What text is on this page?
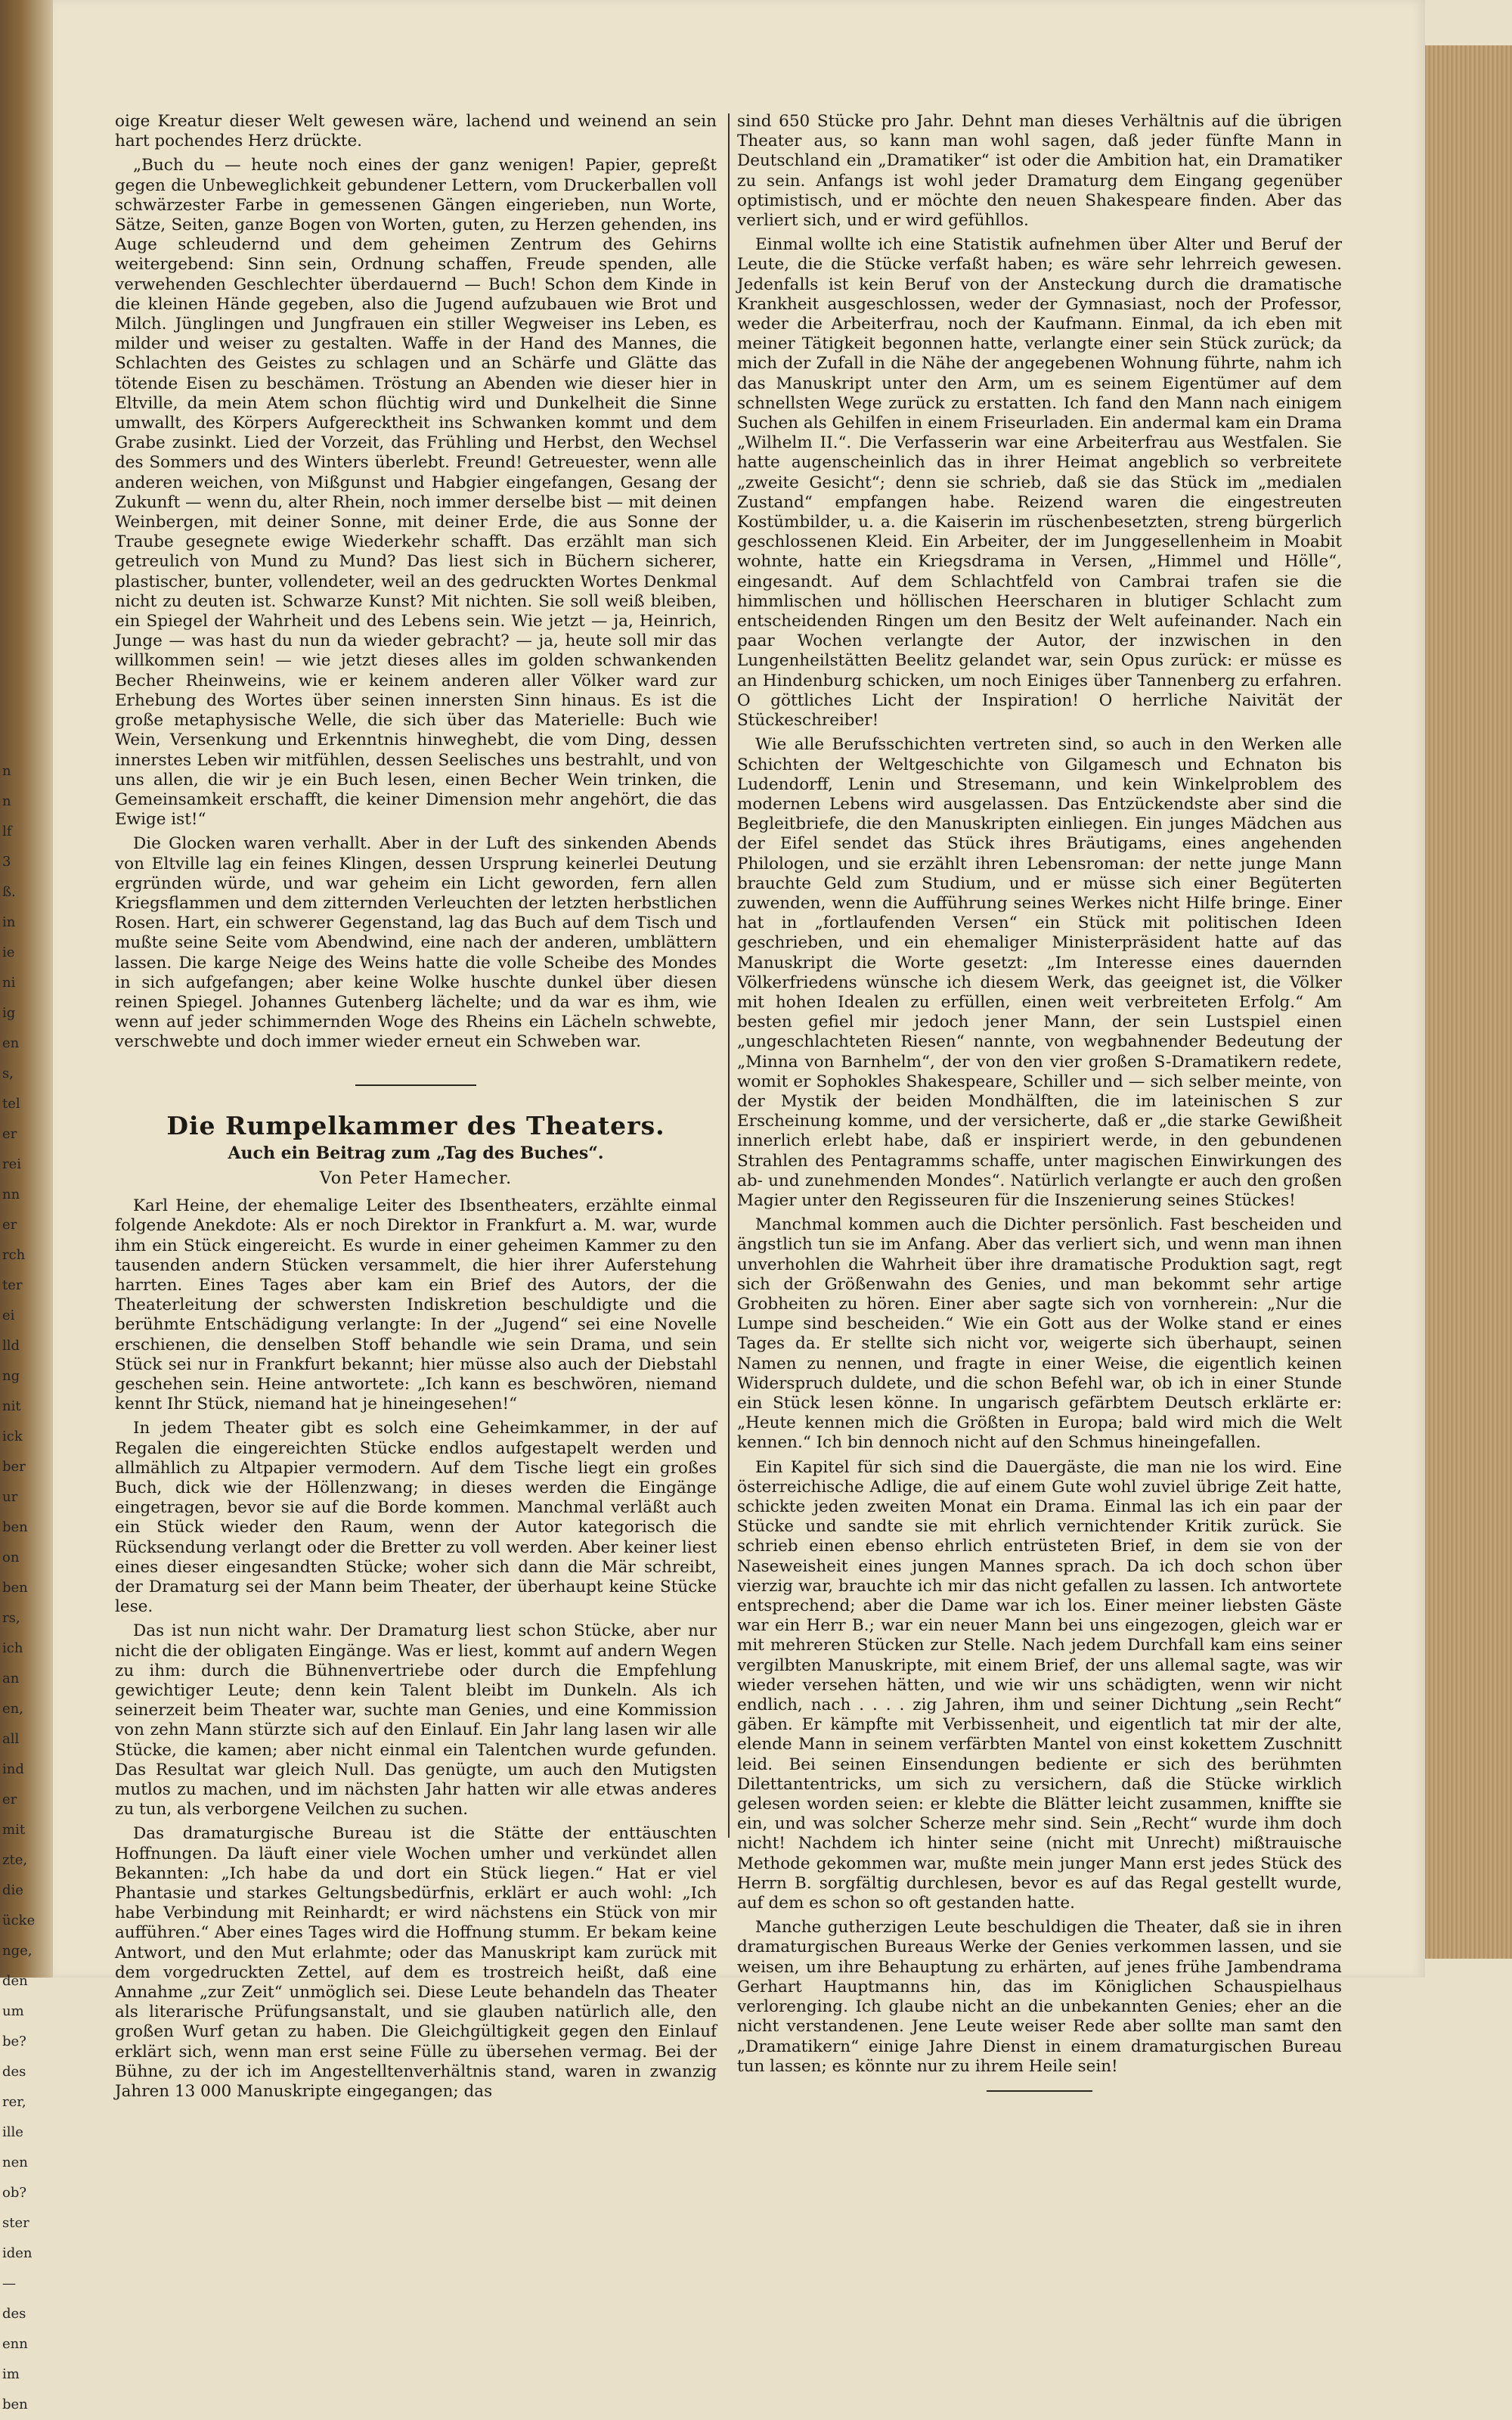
n
n
lf
3
ß.
in
ie
ni
ig
en
s,
tel
er
rei
nn
er
rch
ter
ei
lld
ng
nit
ick
ber
ur
ben
on
ben
rs,
ich
an
en,
all
ind
er
mit
zte,
die
ücke
nge,
den
um
be?
des
rer,
ille
nen
ob?
ster
iden
—
des
enn
im
ben

oige Kreatur dieser Welt gewesen wäre, lachend und weinend an sein hart pochendes Herz drückte.

„Buch du — heute noch eines der ganz wenigen! Papier, gepreßt gegen die Unbeweglichkeit gebundener Lettern, vom Druckerballen voll schwärzester Farbe in gemessenen Gängen eingerieben, nun Worte, Sätze, Seiten, ganze Bogen von Worten, guten, zu Herzen gehenden, ins Auge schleudernd und dem geheimen Zentrum des Gehirns weitergebend: Sinn sein, Ordnung schaffen, Freude spenden, alle verwehenden Geschlechter überdauernd — Buch! Schon dem Kinde in die kleinen Hände gegeben, also die Jugend aufzubauen wie Brot und Milch. Jünglingen und Jungfrauen ein stiller Wegweiser ins Leben, es milder und weiser zu gestalten. Waffe in der Hand des Mannes, die Schlachten des Geistes zu schlagen und an Schärfe und Glätte das tötende Eisen zu beschämen. Tröstung an Abenden wie dieser hier in Eltville, da mein Atem schon flüchtig wird und Dunkelheit die Sinne umwallt, des Körpers Aufgerecktheit ins Schwanken kommt und dem Grabe zusinkt. Lied der Vorzeit, das Frühling und Herbst, den Wechsel des Sommers und des Winters überlebt. Freund! Getreuester, wenn alle anderen weichen, von Mißgunst und Habgier eingefangen, Gesang der Zukunft — wenn du, alter Rhein, noch immer derselbe bist — mit deinen Weinbergen, mit deiner Sonne, mit deiner Erde, die aus Sonne der Traube gesegnete ewige Wiederkehr schafft. Das erzählt man sich getreulich von Mund zu Mund? Das liest sich in Büchern sicherer, plastischer, bunter, vollendeter, weil an des gedruckten Wortes Denkmal nicht zu deuten ist. Schwarze Kunst? Mit nichten. Sie soll weiß bleiben, ein Spiegel der Wahrheit und des Lebens sein. Wie jetzt — ja, Heinrich, Junge — was hast du nun da wieder gebracht? — ja, heute soll mir das willkommen sein! — wie jetzt dieses alles im golden schwankenden Becher Rheinweins, wie er keinem anderen aller Völker ward zur Erhebung des Wortes über seinen innersten Sinn hinaus. Es ist die große metaphysische Welle, die sich über das Materielle: Buch wie Wein, Versenkung und Erkenntnis hinweghebt, die vom Ding, dessen innerstes Leben wir mitfühlen, dessen Seelisches uns bestrahlt, und von uns allen, die wir je ein Buch lesen, einen Becher Wein trinken, die Gemeinsamkeit erschafft, die keiner Dimension mehr angehört, die das Ewige ist!“

Die Glocken waren verhallt. Aber in der Luft des sinkenden Abends von Eltville lag ein feines Klingen, dessen Ursprung keinerlei Deutung ergründen würde, und war geheim ein Licht geworden, fern allen Kriegsflammen und dem zitternden Verleuchten der letzten herbstlichen Rosen. Hart, ein schwerer Gegenstand, lag das Buch auf dem Tisch und mußte seine Seite vom Abendwind, eine nach der anderen, umblättern lassen. Die karge Neige des Weins hatte die volle Scheibe des Mondes in sich aufgefangen; aber keine Wolke huschte dunkel über diesen reinen Spiegel. Johannes Gutenberg lächelte; und da war es ihm, wie wenn auf jeder schimmernden Woge des Rheins ein Lächeln schwebte, verschwebte und doch immer wieder erneut ein Schweben war.

Die Rumpelkammer des Theaters.
Auch ein Beitrag zum „Tag des Buches“.
Von Peter Hamecher.

Karl Heine, der ehemalige Leiter des Ibsentheaters, erzählte einmal folgende Anekdote: Als er noch Direktor in Frankfurt a. M. war, wurde ihm ein Stück eingereicht. Es wurde in einer geheimen Kammer zu den tausenden andern Stücken versammelt, die hier ihrer Auferstehung harrten. Eines Tages aber kam ein Brief des Autors, der die Theaterleitung der schwersten Indiskretion beschuldigte und die berühmte Entschädigung verlangte: In der „Jugend“ sei eine Novelle erschienen, die denselben Stoff behandle wie sein Drama, und sein Stück sei nur in Frankfurt bekannt; hier müsse also auch der Diebstahl geschehen sein. Heine antwortete: „Ich kann es beschwören, niemand kennt Ihr Stück, niemand hat je hineingesehen!“

In jedem Theater gibt es solch eine Geheimkammer, in der auf Regalen die eingereichten Stücke endlos aufgestapelt werden und allmählich zu Altpapier vermodern. Auf dem Tische liegt ein großes Buch, dick wie der Höllenzwang; in dieses werden die Eingänge eingetragen, bevor sie auf die Borde kommen. Manchmal verläßt auch ein Stück wieder den Raum, wenn der Autor kategorisch die Rücksendung verlangt oder die Bretter zu voll werden. Aber keiner liest eines dieser eingesandten Stücke; woher sich dann die Mär schreibt, der Dramaturg sei der Mann beim Theater, der überhaupt keine Stücke lese.

Das ist nun nicht wahr. Der Dramaturg liest schon Stücke, aber nur nicht die der obligaten Eingänge. Was er liest, kommt auf andern Wegen zu ihm: durch die Bühnenvertriebe oder durch die Empfehlung gewichtiger Leute; denn kein Talent bleibt im Dunkeln. Als ich seinerzeit beim Theater war, suchte man Genies, und eine Kommission von zehn Mann stürzte sich auf den Einlauf. Ein Jahr lang lasen wir alle Stücke, die kamen; aber nicht einmal ein Talentchen wurde gefunden. Das Resultat war gleich Null. Das genügte, um auch den Mutigsten mutlos zu machen, und im nächsten Jahr hatten wir alle etwas anderes zu tun, als verborgene Veilchen zu suchen.

Das dramaturgische Bureau ist die Stätte der enttäuschten Hoffnungen. Da läuft einer viele Wochen umher und verkündet allen Bekannten: „Ich habe da und dort ein Stück liegen.“ Hat er viel Phantasie und starkes Geltungsbedürfnis, erklärt er auch wohl: „Ich habe Verbindung mit Reinhardt; er wird nächstens ein Stück von mir aufführen.“ Aber eines Tages wird die Hoffnung stumm. Er bekam keine Antwort, und den Mut erlahmte; oder das Manuskript kam zurück mit dem vorgedruckten Zettel, auf dem es trostreich heißt, daß eine Annahme „zur Zeit“ unmöglich sei. Diese Leute behandeln das Theater als literarische Prüfungsanstalt, und sie glauben natürlich alle, den großen Wurf getan zu haben. Die Gleichgültigkeit gegen den Einlauf erklärt sich, wenn man erst seine Fülle zu übersehen vermag. Bei der Bühne, zu der ich im Angestelltenverhältnis stand, waren in zwanzig Jahren 13 000 Manuskripte eingegangen; das

sind 650 Stücke pro Jahr. Dehnt man dieses Verhältnis auf die übrigen Theater aus, so kann man wohl sagen, daß jeder fünfte Mann in Deutschland ein „Dramatiker“ ist oder die Ambition hat, ein Dramatiker zu sein. Anfangs ist wohl jeder Dramaturg dem Eingang gegenüber optimistisch, und er möchte den neuen Shakespeare finden. Aber das verliert sich, und er wird gefühllos.

Einmal wollte ich eine Statistik aufnehmen über Alter und Beruf der Leute, die die Stücke verfaßt haben; es wäre sehr lehrreich gewesen. Jedenfalls ist kein Beruf von der Ansteckung durch die dramatische Krankheit ausgeschlossen, weder der Gymnasiast, noch der Professor, weder die Arbeiterfrau, noch der Kaufmann. Einmal, da ich eben mit meiner Tätigkeit begonnen hatte, verlangte einer sein Stück zurück; da mich der Zufall in die Nähe der angegebenen Wohnung führte, nahm ich das Manuskript unter den Arm, um es seinem Eigentümer auf dem schnellsten Wege zurück zu erstatten. Ich fand den Mann nach einigem Suchen als Gehilfen in einem Friseurladen. Ein andermal kam ein Drama „Wilhelm II.“. Die Verfasserin war eine Arbeiterfrau aus Westfalen. Sie hatte augenscheinlich das in ihrer Heimat angeblich so verbreitete „zweite Gesicht“; denn sie schrieb, daß sie das Stück im „medialen Zustand“ empfangen habe. Reizend waren die eingestreuten Kostümbilder, u. a. die Kaiserin im rüschenbesetzten, streng bürgerlich geschlossenen Kleid. Ein Arbeiter, der im Junggesellenheim in Moabit wohnte, hatte ein Kriegsdrama in Versen, „Himmel und Hölle“, eingesandt. Auf dem Schlachtfeld von Cambrai trafen sie die himmlischen und höllischen Heerscharen in blutiger Schlacht zum entscheidenden Ringen um den Besitz der Welt aufeinander. Nach ein paar Wochen verlangte der Autor, der inzwischen in den Lungenheilstätten Beelitz gelandet war, sein Opus zurück: er müsse es an Hindenburg schicken, um noch Einiges über Tannenberg zu erfahren. O göttliches Licht der Inspiration! O herrliche Naivität der Stückeschreiber!

Wie alle Berufsschichten vertreten sind, so auch in den Werken alle Schichten der Weltgeschichte von Gilgamesch und Echnaton bis Ludendorff, Lenin und Stresemann, und kein Winkelproblem des modernen Lebens wird ausgelassen. Das Entzückendste aber sind die Begleitbriefe, die den Manuskripten einliegen. Ein junges Mädchen aus der Eifel sendet das Stück ihres Bräutigams, eines angehenden Philologen, und sie erzählt ihren Lebensroman: der nette junge Mann brauchte Geld zum Studium, und er müsse sich einer Begüterten zuwenden, wenn die Aufführung seines Werkes nicht Hilfe bringe. Einer hat in „fortlaufenden Versen“ ein Stück mit politischen Ideen geschrieben, und ein ehemaliger Ministerpräsident hatte auf das Manuskript die Worte gesetzt: „Im Interesse eines dauernden Völkerfriedens wünsche ich diesem Werk, das geeignet ist, die Völker mit hohen Idealen zu erfüllen, einen weit verbreiteten Erfolg.“ Am besten gefiel mir jedoch jener Mann, der sein Lustspiel einen „ungeschlachteten Riesen“ nannte, von wegbahnender Bedeutung der „Minna von Barnhelm“, der von den vier großen S-Dramatikern redete, womit er Sophokles Shakespeare, Schiller und — sich selber meinte, von der Mystik der beiden Mondhälften, die im lateinischen S zur Erscheinung komme, und der versicherte, daß er „die starke Gewißheit innerlich erlebt habe, daß er inspiriert werde, in den gebundenen Strahlen des Pentagramms schaffe, unter magischen Einwirkungen des ab- und zunehmenden Mondes“. Natürlich verlangte er auch den großen Magier unter den Regisseuren für die Inszenierung seines Stückes!

Manchmal kommen auch die Dichter persönlich. Fast bescheiden und ängstlich tun sie im Anfang. Aber das verliert sich, und wenn man ihnen unverhohlen die Wahrheit über ihre dramatische Produktion sagt, regt sich der Größenwahn des Genies, und man bekommt sehr artige Grobheiten zu hören. Einer aber sagte sich von vornherein: „Nur die Lumpe sind bescheiden.“ Wie ein Gott aus der Wolke stand er eines Tages da. Er stellte sich nicht vor, weigerte sich überhaupt, seinen Namen zu nennen, und fragte in einer Weise, die eigentlich keinen Widerspruch duldete, und die schon Befehl war, ob ich in einer Stunde ein Stück lesen könne. In ungarisch gefärbtem Deutsch erklärte er: „Heute kennen mich die Größten in Europa; bald wird mich die Welt kennen.“ Ich bin dennoch nicht auf den Schmus hineingefallen.

Ein Kapitel für sich sind die Dauergäste, die man nie los wird. Eine österreichische Adlige, die auf einem Gute wohl zuviel übrige Zeit hatte, schickte jeden zweiten Monat ein Drama. Einmal las ich ein paar der Stücke und sandte sie mit ehrlich vernichtender Kritik zurück. Sie schrieb einen ebenso ehrlich entrüsteten Brief, in dem sie von der Naseweisheit eines jungen Mannes sprach. Da ich doch schon über vierzig war, brauchte ich mir das nicht gefallen zu lassen. Ich antwortete entsprechend; aber die Dame war ich los. Einer meiner liebsten Gäste war ein Herr B.; war ein neuer Mann bei uns eingezogen, gleich war er mit mehreren Stücken zur Stelle. Nach jedem Durchfall kam eins seiner vergilbten Manuskripte, mit einem Brief, der uns allemal sagte, was wir wieder versehen hätten, und wie wir uns schädigten, wenn wir nicht endlich, nach . . . . zig Jahren, ihm und seiner Dichtung „sein Recht“ gäben. Er kämpfte mit Verbissenheit, und eigentlich tat mir der alte, elende Mann in seinem verfärbten Mantel von einst kokettem Zuschnitt leid. Bei seinen Einsendungen bediente er sich des berühmten Dilettantentricks, um sich zu versichern, daß die Stücke wirklich gelesen worden seien: er klebte die Blätter leicht zusammen, kniffte sie ein, und was solcher Scherze mehr sind. Sein „Recht“ wurde ihm doch nicht! Nachdem ich hinter seine (nicht mit Unrecht) mißtrauische Methode gekommen war, mußte mein junger Mann erst jedes Stück des Herrn B. sorgfältig durchlesen, bevor es auf das Regal gestellt wurde, auf dem es schon so oft gestanden hatte.

Manche gutherzigen Leute beschuldigen die Theater, daß sie in ihren dramaturgischen Bureaus Werke der Genies verkommen lassen, und sie weisen, um ihre Behauptung zu erhärten, auf jenes frühe Jambendrama Gerhart Hauptmanns hin, das im Königlichen Schauspielhaus verlorenging. Ich glaube nicht an die unbekannten Genies; eher an die nicht verstandenen. Jene Leute weiser Rede aber sollte man samt den „Dramatikern“ einige Jahre Dienst in einem dramaturgischen Bureau tun lassen; es könnte nur zu ihrem Heile sein!
